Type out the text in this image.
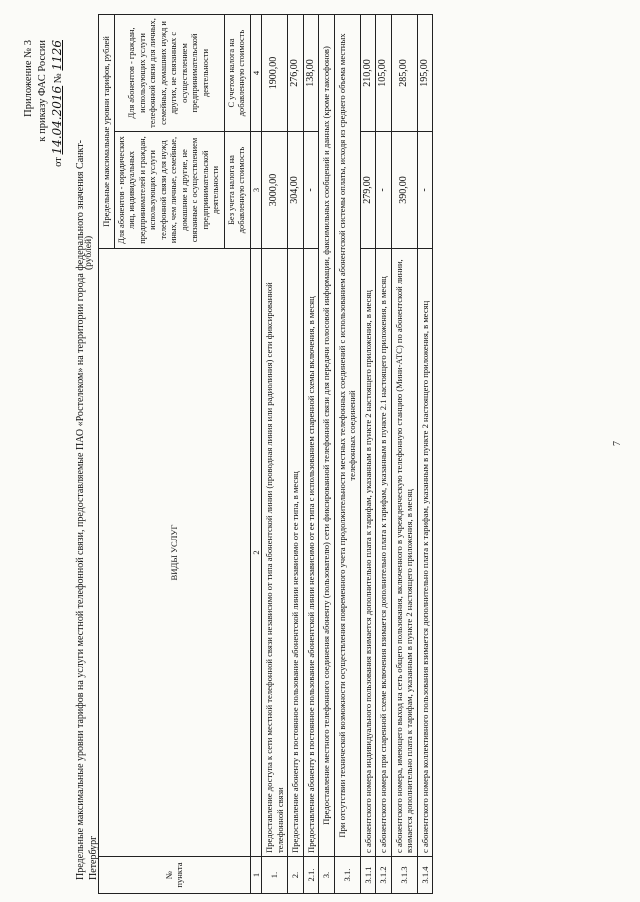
Приложение № 3 к приказу ФАС России
от 14.04.2016 № 1126
Предельные максимальные уровни тарифов на услуги местной телефонной связи, предоставляемые ПАО «Ростелеком» на территории города федерального значения Санкт-Петербург
(рублей)
№ пункта	ВИДЫ УСЛУГ	Предельные максимальные уровни тарифов, рублей	
		Для абонентов - юридических лиц, индивидуальных предпринимателей и граждан, использующих услуги телефонной связи для нужд иных, чем личные, семейные, домашние и другие, не связанные с осуществлением предпринимательской деятельности	Для абонентов - граждан, использующих услуги телефонной связи для личных, семейных, домашних нужд и других, не связанных с осуществлением предпринимательской деятельности
		Без учета налога на добавленную стоимость	С учетом налога на добавленную стоимость
1	2	3	4
1.	Предоставление доступа к сети местной телефонной связи независимо от типа абонентской линии (проводная линия или радиолиния) сети фиксированной телефонной связи	3000,00	1900,00
2.	Предоставление абоненту в постоянное пользование абонентской линии независимо от ее типа, в месяц	304,00	276,00
2.1.	Предоставление абоненту в постоянное пользование абонентской линии независимо от ее типа с использованием спаренной схемы включения, в месяц	-	138,00
3.	Предоставление местного телефонного соединения абоненту (пользователю) сети фиксированной телефонной связи для передачи голосовой информации, факсимильных сообщений и данных (кроме таксофонов)		
3.1.	При отсутствии технической возможности осуществления повременного учета продолжительности местных телефонных соединений с использованием абонентской системы оплаты, исходя из среднего объема местных телефонных соединений		
3.1.1	с абонентского номера индивидуального пользования взимается дополнительно плата к тарифам, указанным в пункте 2 настоящего приложения, в месяц	279,00	210,00
3.1.2	с абонентского номера при спаренной схеме включения взимается дополнительно плата к тарифам, указанным в пункте 2.1 настоящего приложения, в месяц	-	105,00
3.1.3	с абонентского номера, имеющего выход на сеть общего пользования, включенного в учрежденческую телефонную станцию (Мини-АТС) по абонентской линии, взимается дополнительно плата к тарифам, указанным в пункте 2 настоящего приложения, в месяц	390,00	285,00
3.1.4	с абонентского номера коллективного пользования взимается дополнительно плата к тарифам, указанным в пункте 2 настоящего приложения, в месяц	-	195,00
7
